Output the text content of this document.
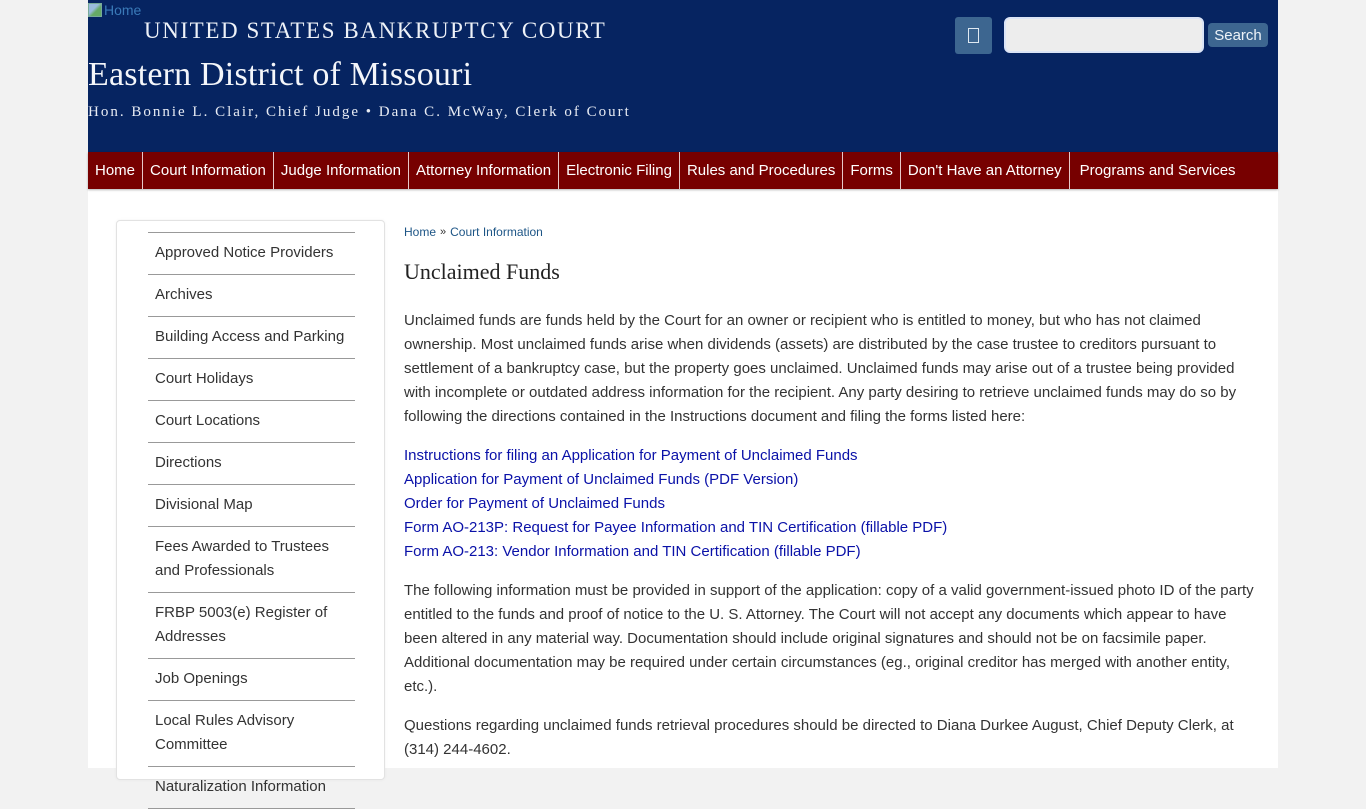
Home
UNITED STATES BANKRUPTCY COURT
Eastern District of Missouri
Hon. Bonnie L. Clair, Chief Judge • Dana C. McWay, Clerk of Court
Search
Home	Court Information	Judge Information	Attorney Information	Electronic Filing	Rules and Procedures	Forms	Don't Have an Attorney	Programs and Services
Approved Notice Providers
Archives
Building Access and Parking
Court Holidays
Court Locations
Directions
Divisional Map
Fees Awarded to Trustees and Professionals
FRBP 5003(e) Register of Addresses
Job Openings
Local Rules Advisory Committee
Naturalization Information
Home » Court Information
Unclaimed Funds

Unclaimed funds are funds held by the Court for an owner or recipient who is entitled to money, but who has not claimed ownership. Most unclaimed funds arise when dividends (assets) are distributed by the case trustee to creditors pursuant to settlement of a bankruptcy case, but the property goes unclaimed. Unclaimed funds may arise out of a trustee being provided with incomplete or outdated address information for the recipient. Any party desiring to retrieve unclaimed funds may do so by following the directions contained in the Instructions document and filing the forms listed here:

Instructions for filing an Application for Payment of Unclaimed Funds
Application for Payment of Unclaimed Funds (PDF Version)
Order for Payment of Unclaimed Funds
Form AO-213P: Request for Payee Information and TIN Certification (fillable PDF)
Form AO-213: Vendor Information and TIN Certification (fillable PDF)

The following information must be provided in support of the application: copy of a valid government-issued photo ID of the party entitled to the funds and proof of notice to the U. S. Attorney. The Court will not accept any documents which appear to have been altered in any material way. Documentation should include original signatures and should not be on facsimile paper. Additional documentation may be required under certain circumstances (eg., original creditor has merged with another entity, etc.).

Questions regarding unclaimed funds retrieval procedures should be directed to Diana Durkee August, Chief Deputy Clerk, at (314) 244-4602.
